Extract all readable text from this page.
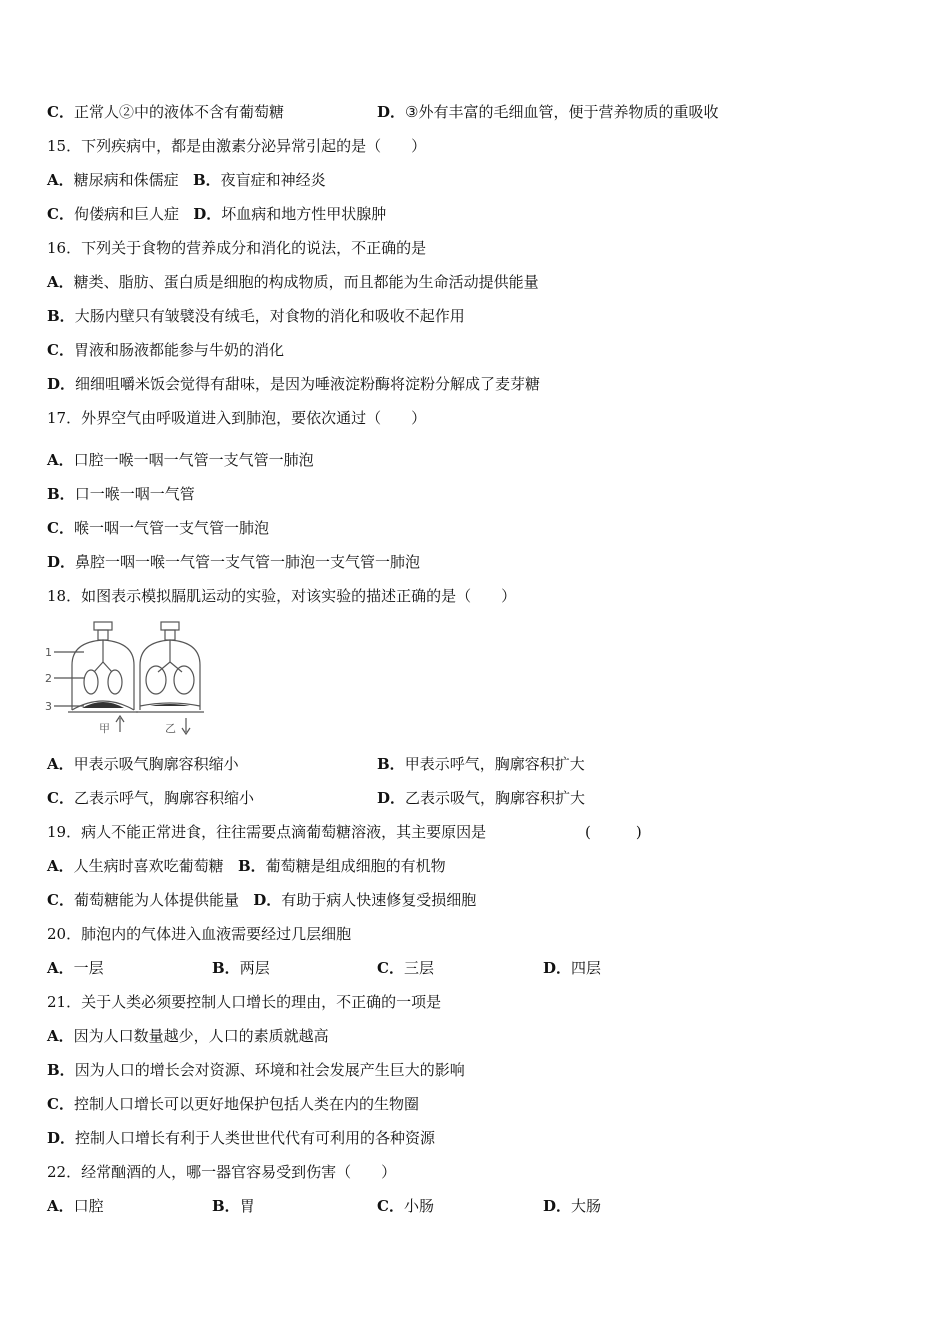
C．正常人②中的液体不含有葡萄糖	D．③外有丰富的毛细血管，便于营养物质的重吸收
15．下列疾病中，都是由激素分泌异常引起的是（　　）
A．糖尿病和侏儒症 B．夜盲症和神经炎
C．佝偻病和巨人症 D．坏血病和地方性甲状腺肿
16．下列关于食物的营养成分和消化的说法，不正确的是
A．糖类、脂肪、蛋白质是细胞的构成物质，而且都能为生命活动提供能量
B．大肠内壁只有皱襞没有绒毛，对食物的消化和吸收不起作用
C．胃液和肠液都能参与牛奶的消化
D．细细咀嚼米饭会觉得有甜味，是因为唾液淀粉酶将淀粉分解成了麦芽糖
17．外界空气由呼吸道进入到肺泡，要依次通过（　　）
A．口腔一喉一咽一气管一支气管一肺泡
B．口一喉一咽一气管
C．喉一咽一气管一支气管一肺泡
D．鼻腔一咽一喉一气管一支气管一肺泡一支气管一肺泡
18．如图表示模拟膈肌运动的实验，对该实验的描述正确的是（　　）
1
2
3
甲	乙
A．甲表示吸气胸廓容积缩小	B．甲表示呼气，胸廓容积扩大
C．乙表示呼气，胸廓容积缩小	D．乙表示吸气，胸廓容积扩大
19．病人不能正常进食，往往需要点滴葡萄糖溶液，其主要原因是	(　　　)
A．人生病时喜欢吃葡萄糖 B．葡萄糖是组成细胞的有机物
C．葡萄糖能为人体提供能量 D．有助于病人快速修复受损细胞
20．肺泡内的气体进入血液需要经过几层细胞
A．一层	B．两层	C．三层	D．四层
21．关于人类必须要控制人口增长的理由，不正确的一项是
A．因为人口数量越少，人口的素质就越高
B．因为人口的增长会对资源、环境和社会发展产生巨大的影响
C．控制人口增长可以更好地保护包括人类在内的生物圈
D．控制人口增长有利于人类世世代代有可利用的各种资源
22．经常酗酒的人，哪一器官容易受到伤害（　　）
A．口腔	B．胃	C．小肠	D．大肠
